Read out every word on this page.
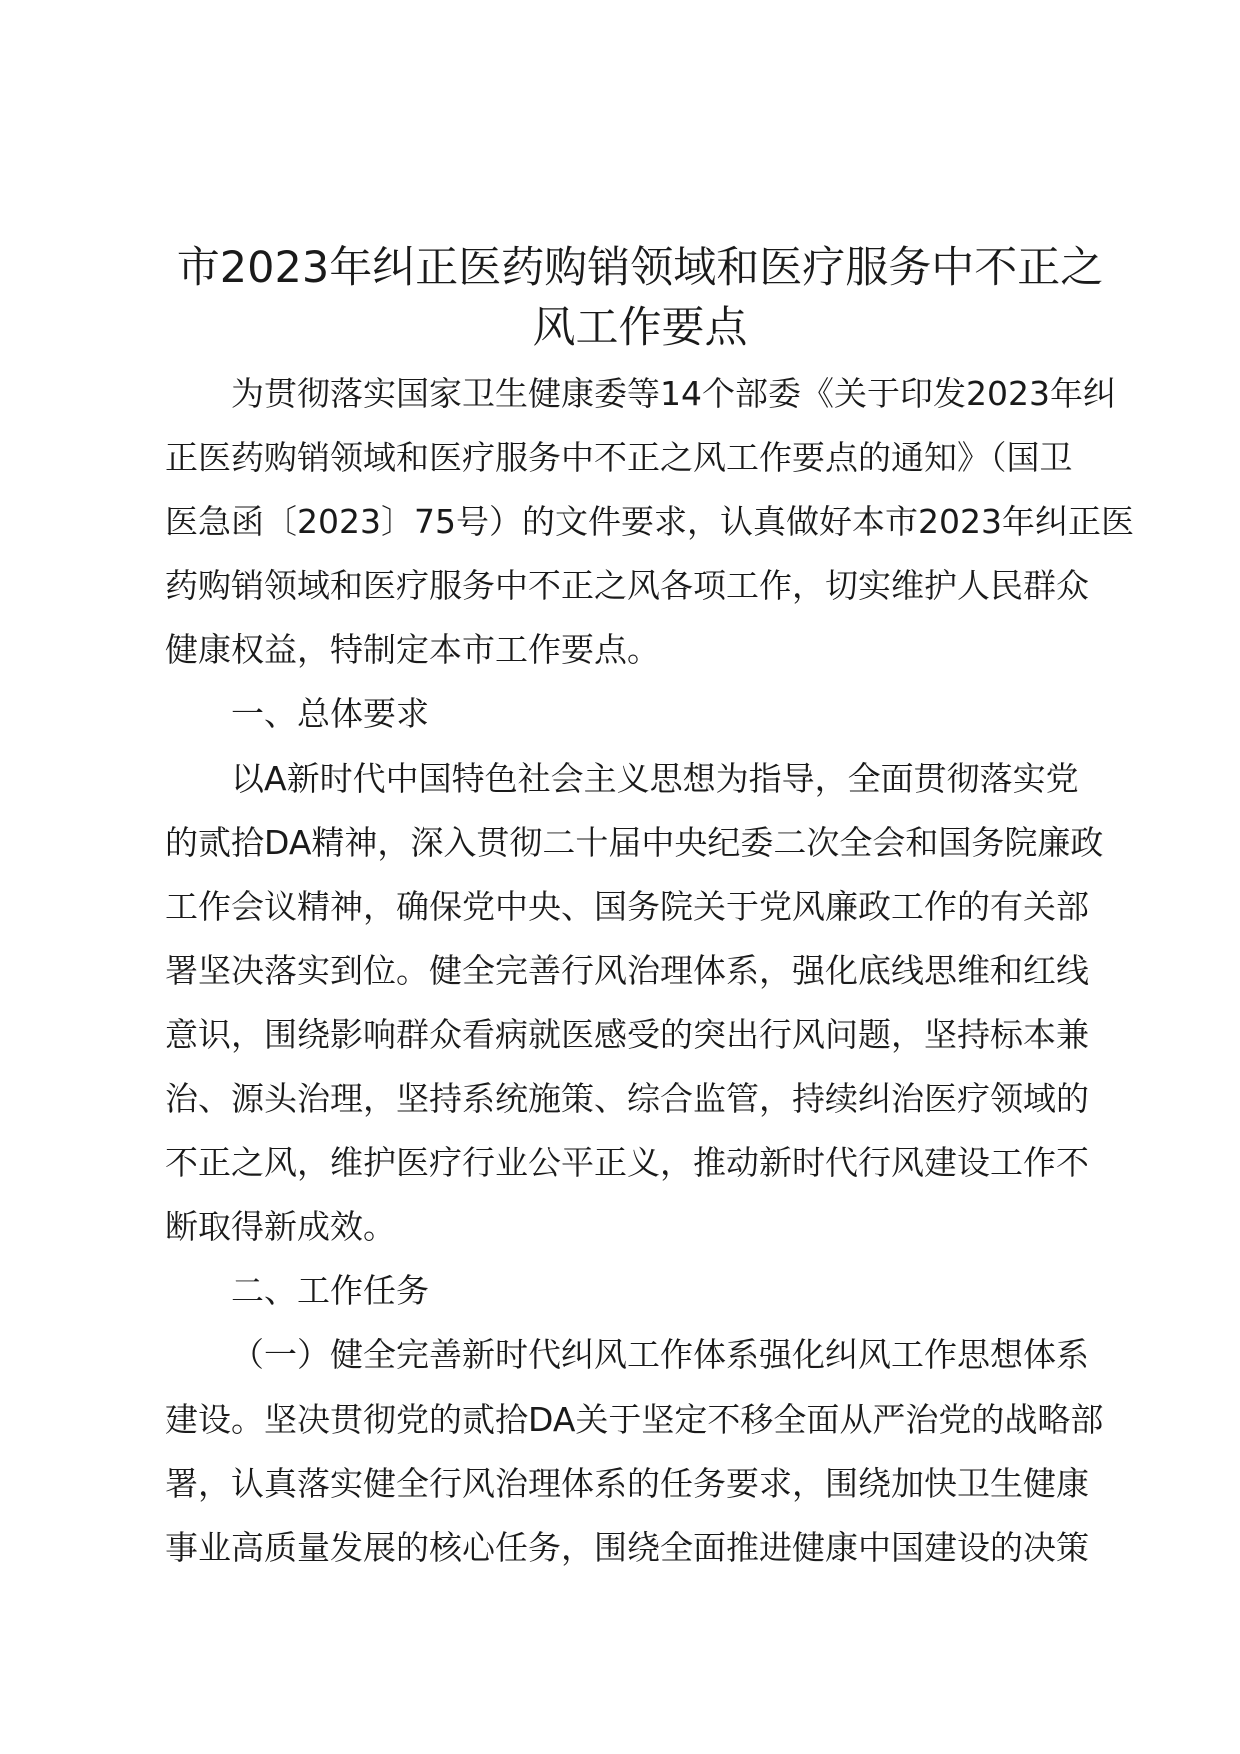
市2023年纠正医药购销领域和医疗服务中不正之
风工作要点
为贯彻落实国家卫生健康委等14个部委《关于印发2023年纠
正医药购销领域和医疗服务中不正之风工作要点的通知》（国卫
医急函〔2023〕75号）的文件要求，认真做好本市2023年纠正医
药购销领域和医疗服务中不正之风各项工作，切实维护人民群众
健康权益，特制定本市工作要点。
一、总体要求
以A新时代中国特色社会主义思想为指导，全面贯彻落实党
的贰拾DA精神，深入贯彻二十届中央纪委二次全会和国务院廉政
工作会议精神，确保党中央、国务院关于党风廉政工作的有关部
署坚决落实到位。健全完善行风治理体系，强化底线思维和红线
意识，围绕影响群众看病就医感受的突出行风问题，坚持标本兼
治、源头治理，坚持系统施策、综合监管，持续纠治医疗领域的
不正之风，维护医疗行业公平正义，推动新时代行风建设工作不
断取得新成效。
二、工作任务
（一）健全完善新时代纠风工作体系强化纠风工作思想体系
建设。坚决贯彻党的贰拾DA关于坚定不移全面从严治党的战略部
署，认真落实健全行风治理体系的任务要求，围绕加快卫生健康
事业高质量发展的核心任务，围绕全面推进健康中国建设的决策
